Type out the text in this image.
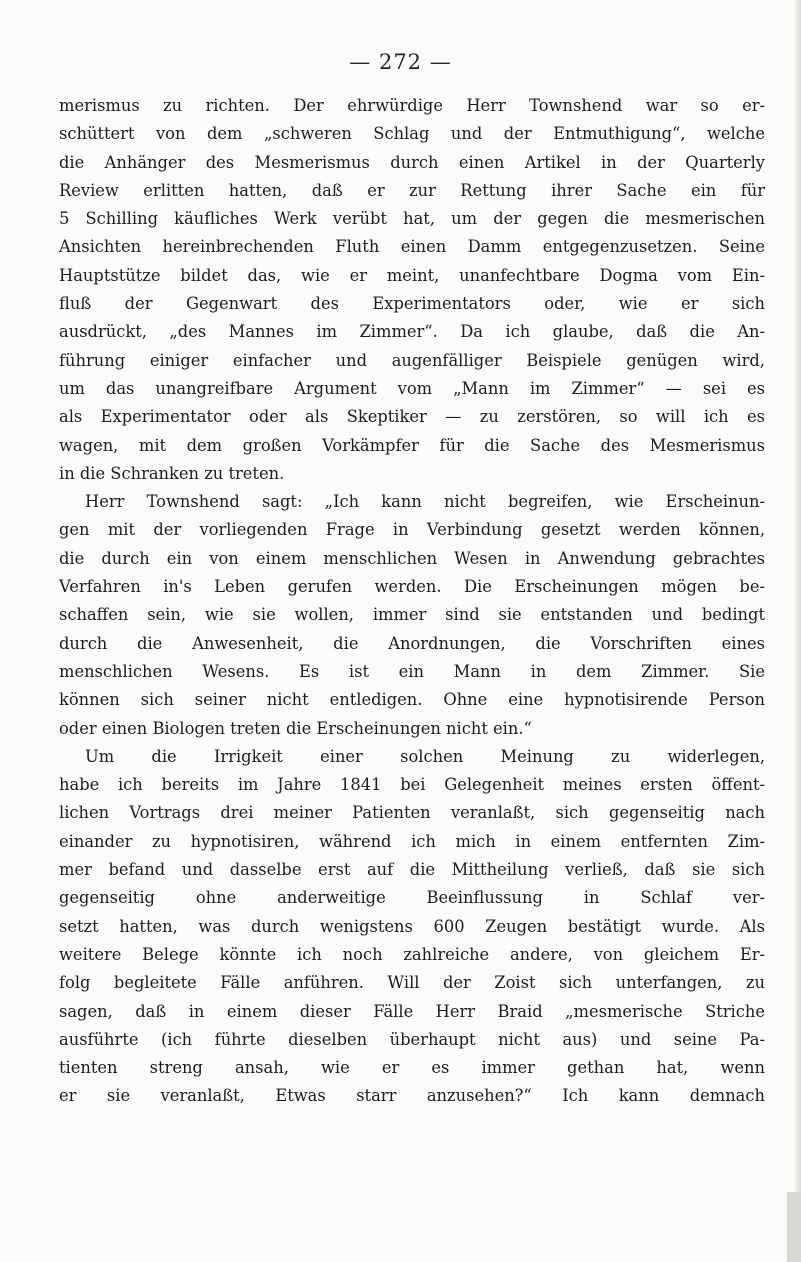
— 272 —
merismus zu richten. Der ehrwürdige Herr Townshend war so er-
schüttert von dem „schweren Schlag und der Entmuthigung“, welche
die Anhänger des Mesmerismus durch einen Artikel in der Quarterly
Review erlitten hatten, daß er zur Rettung ihrer Sache ein für
5 Schilling käufliches Werk verübt hat, um der gegen die mesmerischen
Ansichten hereinbrechenden Fluth einen Damm entgegenzusetzen. Seine
Hauptstütze bildet das, wie er meint, unanfechtbare Dogma vom Ein-
fluß der Gegenwart des Experimentators oder, wie er sich
ausdrückt, „des Mannes im Zimmer“. Da ich glaube, daß die An-
führung einiger einfacher und augenfälliger Beispiele genügen wird,
um das unangreifbare Argument vom „Mann im Zimmer“ — sei es
als Experimentator oder als Skeptiker — zu zerstören, so will ich es
wagen, mit dem großen Vorkämpfer für die Sache des Mesmerismus
in die Schranken zu treten.
Herr Townshend sagt: „Ich kann nicht begreifen, wie Erscheinun-
gen mit der vorliegenden Frage in Verbindung gesetzt werden können,
die durch ein von einem menschlichen Wesen in Anwendung gebrachtes
Verfahren in's Leben gerufen werden. Die Erscheinungen mögen be-
schaffen sein, wie sie wollen, immer sind sie entstanden und bedingt
durch die Anwesenheit, die Anordnungen, die Vorschriften eines
menschlichen Wesens. Es ist ein Mann in dem Zimmer. Sie
können sich seiner nicht entledigen. Ohne eine hypnotisirende Person
oder einen Biologen treten die Erscheinungen nicht ein.“
Um die Irrigkeit einer solchen Meinung zu widerlegen,
habe ich bereits im Jahre 1841 bei Gelegenheit meines ersten öffent-
lichen Vortrags drei meiner Patienten veranlaßt, sich gegenseitig nach
einander zu hypnotisiren, während ich mich in einem entfernten Zim-
mer befand und dasselbe erst auf die Mittheilung verließ, daß sie sich
gegenseitig ohne anderweitige Beeinflussung in Schlaf ver-
setzt hatten, was durch wenigstens 600 Zeugen bestätigt wurde. Als
weitere Belege könnte ich noch zahlreiche andere, von gleichem Er-
folg begleitete Fälle anführen. Will der Zoist sich unterfangen, zu
sagen, daß in einem dieser Fälle Herr Braid „mesmerische Striche
ausführte (ich führte dieselben überhaupt nicht aus) und seine Pa-
tienten streng ansah, wie er es immer gethan hat, wenn
er sie veranlaßt, Etwas starr anzusehen?“ Ich kann demnach
